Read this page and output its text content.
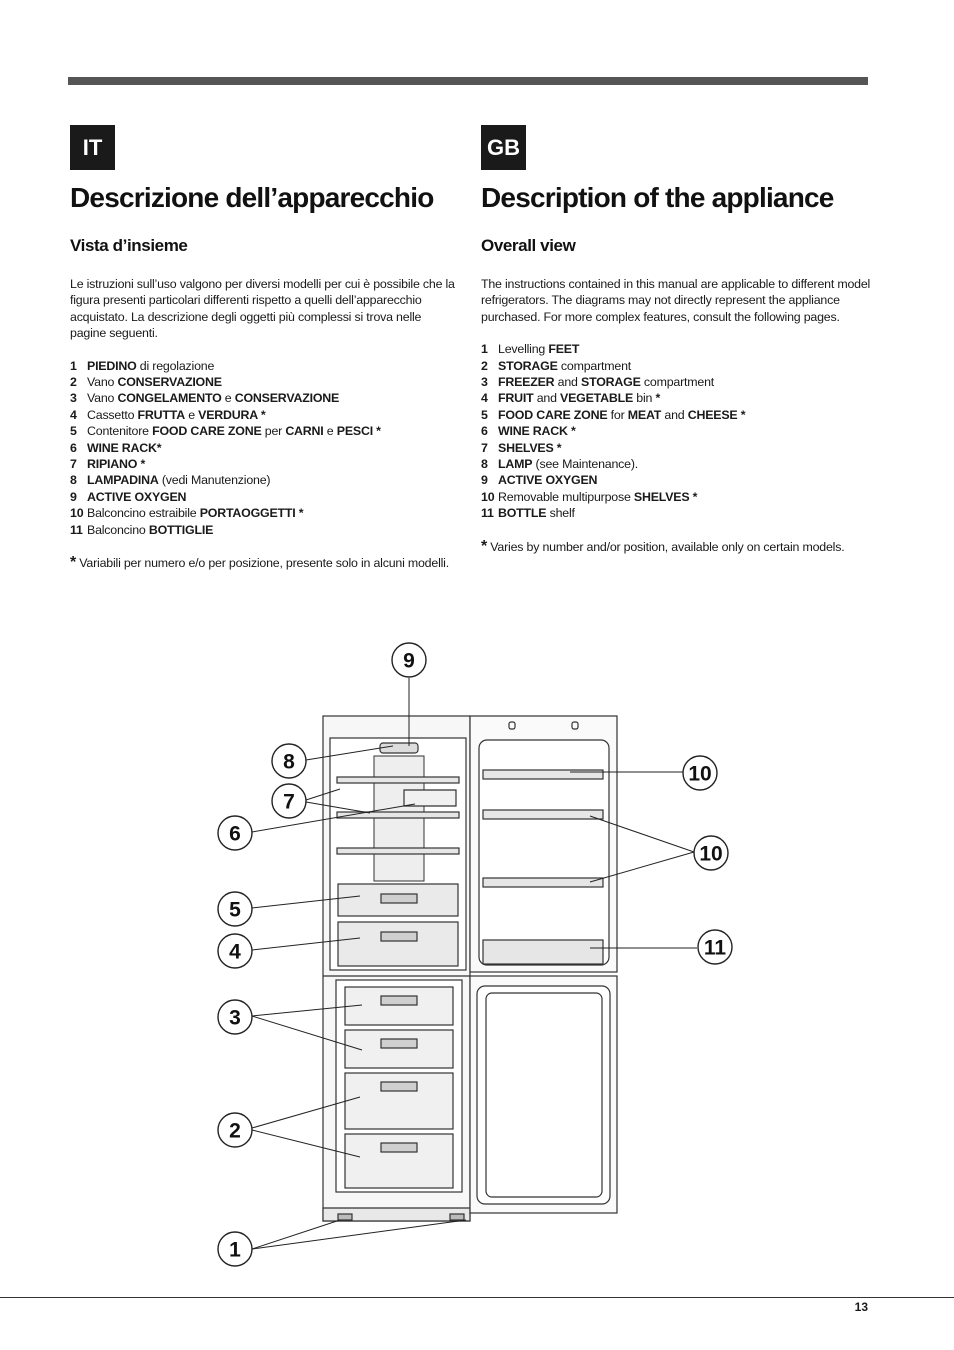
IT
Descrizione dell’apparecchio
Vista d’insieme

Le istruzioni sull’uso valgono per diversi modelli per cui è possibile che la figura presenti particolari differenti rispetto a quelli dell’apparecchio acquistato. La descrizione degli oggetti più complessi si trova nelle pagine seguenti.

1 PIEDINO di regolazione
2 Vano CONSERVAZIONE
3 Vano CONGELAMENTO e CONSERVAZIONE
4 Cassetto FRUTTA e VERDURA *
5 Contenitore FOOD CARE ZONE per CARNI e PESCI *
6 WINE RACK*
7 RIPIANO *
8 LAMPADINA (vedi Manutenzione)
9 ACTIVE OXYGEN
10 Balconcino estraibile PORTAOGGETTI *
11 Balconcino BOTTIGLIE

* Variabili per numero e/o per posizione, presente solo in alcuni modelli.

GB
Description of the appliance
Overall view

The instructions contained in this manual are applicable to different model refrigerators. The diagrams may not directly represent the appliance purchased. For more complex features, consult the following pages.

1 Levelling FEET
2 STORAGE compartment
3 FREEZER and STORAGE compartment
4 FRUIT and VEGETABLE bin *
5 FOOD CARE ZONE for MEAT and CHEESE *
6 WINE RACK *
7 SHELVES *
8 LAMP (see Maintenance).
9 ACTIVE OXYGEN
10 Removable multipurpose SHELVES *
11 BOTTLE shelf

* Varies by number and/or position, available only on certain models.

9
8
7
6
5
4
3
2
1
10
10
11
13
